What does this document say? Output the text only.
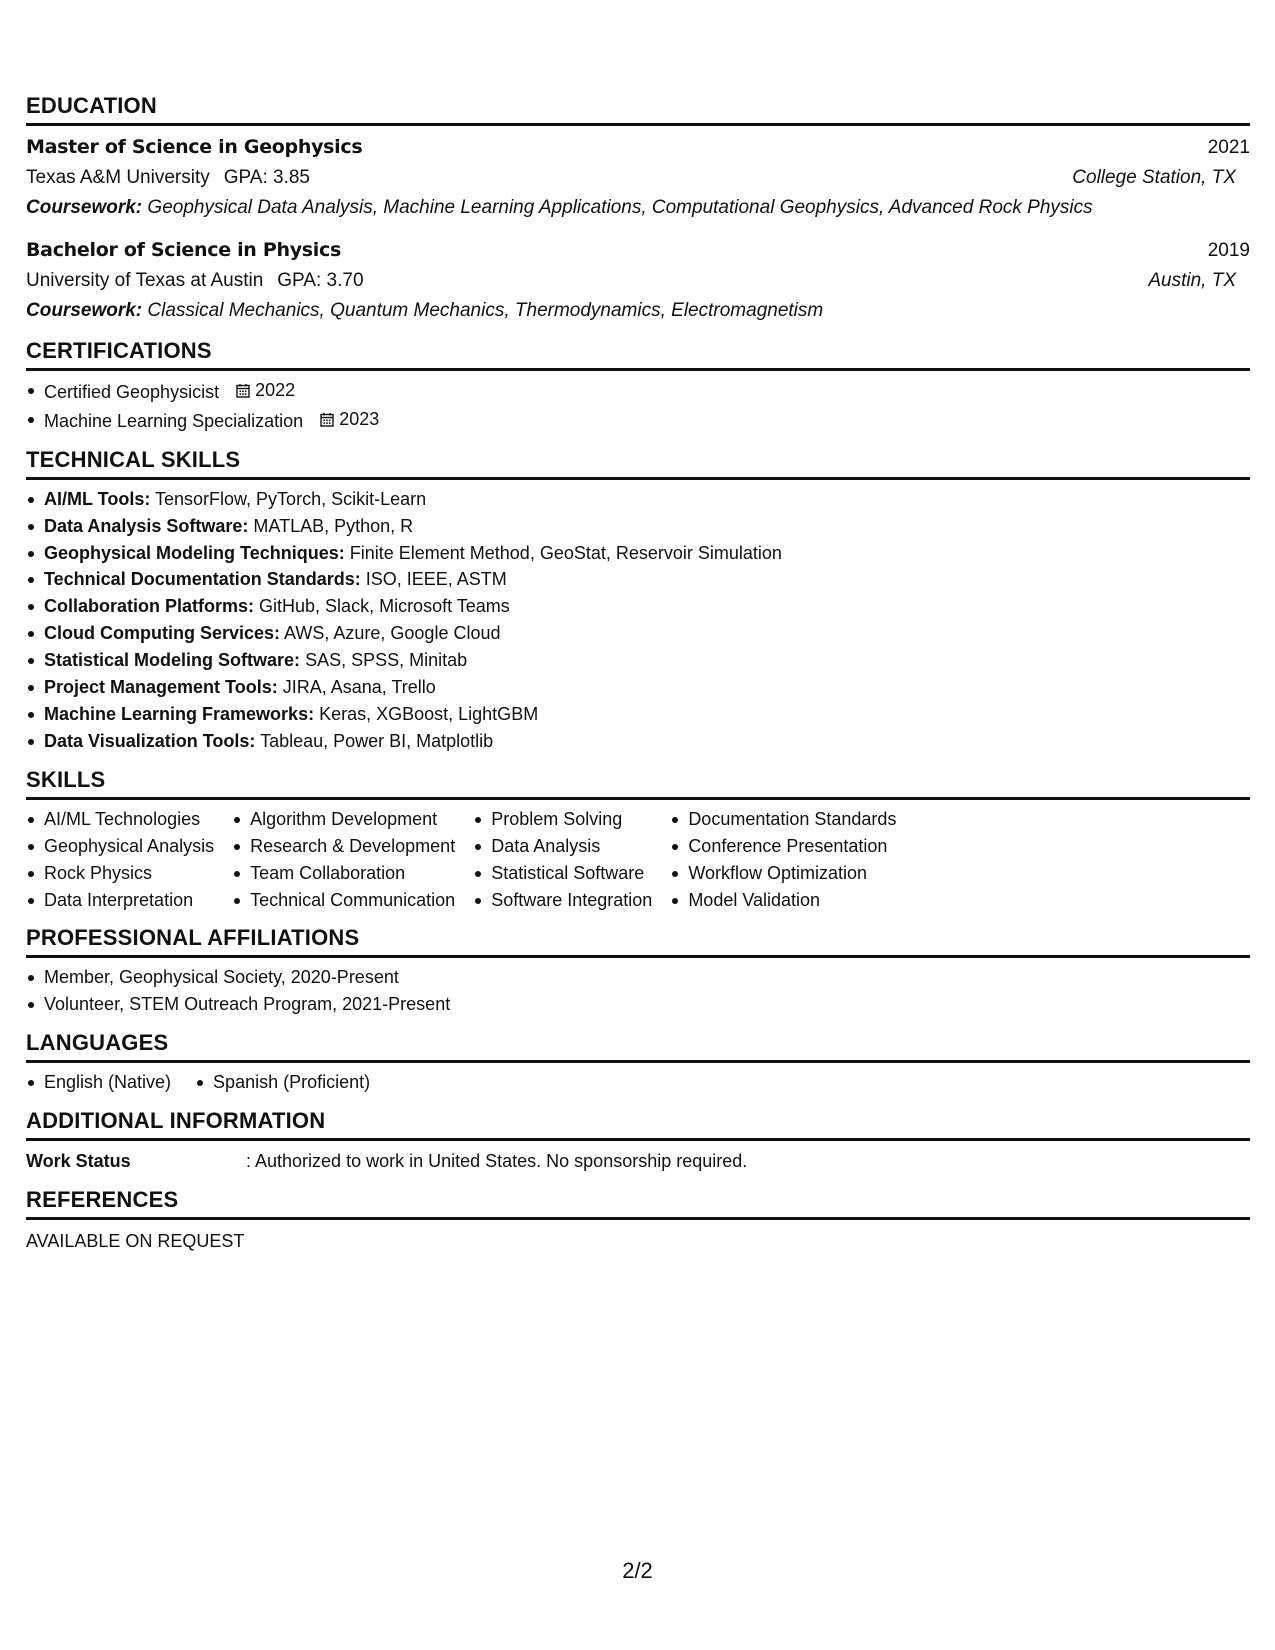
EDUCATION
Master of Science in Geophysics	2021
Texas A&M University GPA: 3.85	College Station, TX
Coursework: Geophysical Data Analysis, Machine Learning Applications, Computational Geophysics, Advanced Rock Physics
Bachelor of Science in Physics	2019
University of Texas at Austin GPA: 3.70	Austin, TX
Coursework: Classical Mechanics, Quantum Mechanics, Thermodynamics, Electromagnetism
CERTIFICATIONS
Certified Geophysicist 2022
Machine Learning Specialization 2023
TECHNICAL SKILLS
AI/ML Tools: TensorFlow, PyTorch, Scikit-Learn
Data Analysis Software: MATLAB, Python, R
Geophysical Modeling Techniques: Finite Element Method, GeoStat, Reservoir Simulation
Technical Documentation Standards: ISO, IEEE, ASTM
Collaboration Platforms: GitHub, Slack, Microsoft Teams
Cloud Computing Services: AWS, Azure, Google Cloud
Statistical Modeling Software: SAS, SPSS, Minitab
Project Management Tools: JIRA, Asana, Trello
Machine Learning Frameworks: Keras, XGBoost, LightGBM
Data Visualization Tools: Tableau, Power BI, Matplotlib
SKILLS
AI/ML Technologies
Geophysical Analysis
Rock Physics
Data Interpretation
Algorithm Development
Research & Development
Team Collaboration
Technical Communication
Problem Solving
Data Analysis
Statistical Software
Software Integration
Documentation Standards
Conference Presentation
Workflow Optimization
Model Validation
PROFESSIONAL AFFILIATIONS
Member, Geophysical Society, 2020-Present
Volunteer, STEM Outreach Program, 2021-Present
LANGUAGES
English (Native)	Spanish (Proficient)
ADDITIONAL INFORMATION
Work Status	: Authorized to work in United States. No sponsorship required.
REFERENCES
AVAILABLE ON REQUEST
2/2
